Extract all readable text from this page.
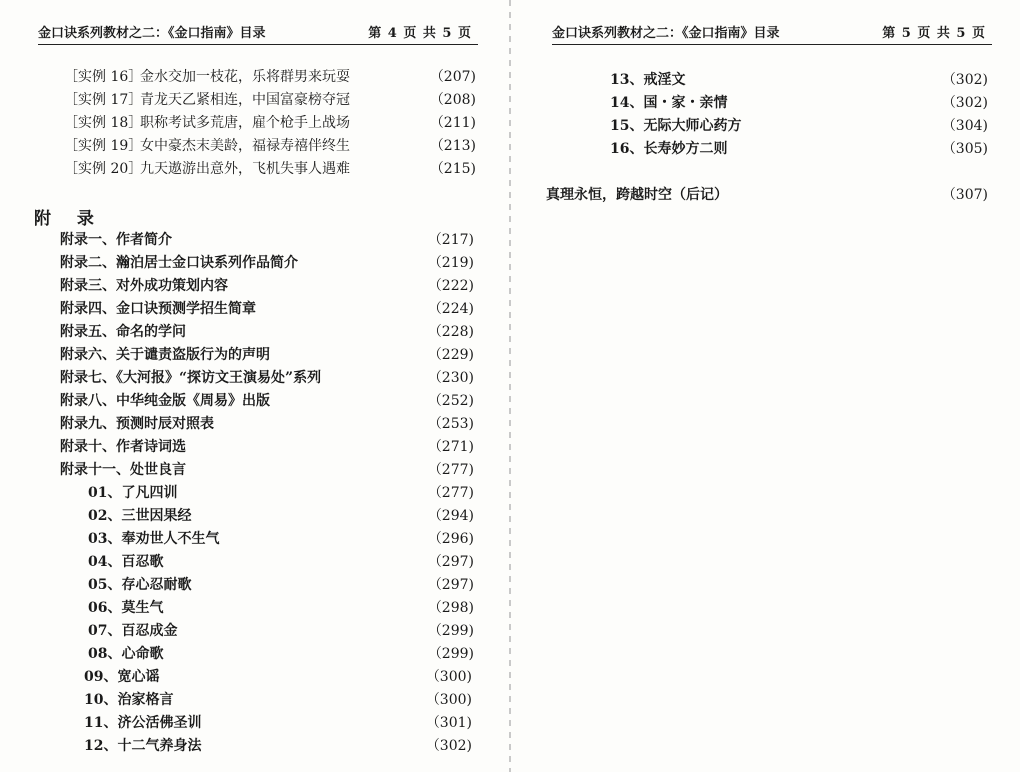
金口诀系列教材之二：《金口指南》目录	第 4 页 共 5 页
［实例 16］金水交加一枝花，乐将群男来玩耍	（207)
［实例 17］青龙天乙紧相连，中国富豪榜夺冠	（208)
［实例 18］职称考试多荒唐，雇个枪手上战场	（211)
［实例 19］女中豪杰末美龄，福禄寿禧伴终生	（213)
［实例 20］九天遨游出意外，飞机失事人遇难	（215)
附 录
附录一、作者简介	（217)
附录二、瀚泊居士金口诀系列作品简介	（219)
附录三、对外成功策划内容	（222)
附录四、金口诀预测学招生简章	（224)
附录五、命名的学问	（228)
附录六、关于谴责盗版行为的声明	（229)
附录七、《大河报》“探访文王演易处”系列	（230)
附录八、中华纯金版《周易》出版	（252)
附录九、预测时辰对照表	（253)
附录十、作者诗词选	（271)
附录十一、处世良言	（277)
01、了凡四训	（277)
02、三世因果经	（294)
03、奉劝世人不生气	（296)
04、百忍歌	（297)
05、存心忍耐歌	（297)
06、莫生气	（298)
07、百忍成金	（299)
08、心命歌	（299)
09、宽心谣	（300)
10、治家格言	（300)
11、济公活佛圣训	（301)
12、十二气养身法	（302)
金口诀系列教材之二：《金口指南》目录	第 5 页 共 5 页
13、戒淫文	（302)
14、国・家・亲情	（302)
15、无际大师心药方	（304)
16、长寿妙方二则	（305)
真理永恒，跨越时空（后记）	（307)
